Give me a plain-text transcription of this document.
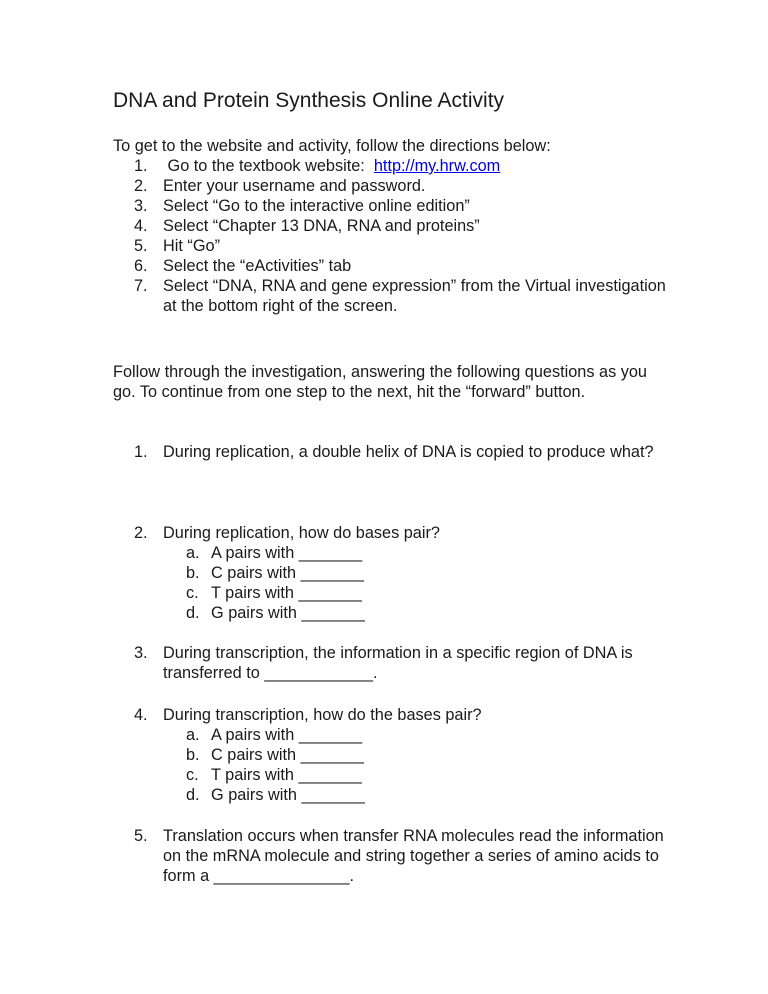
DNA and Protein Synthesis Online Activity
To get to the website and activity, follow the directions below:
1. Go to the textbook website:  http://my.hrw.com
2. Enter your username and password.
3. Select “Go to the interactive online edition”
4. Select “Chapter 13 DNA, RNA and proteins”
5. Hit “Go”
6. Select the “eActivities” tab
7. Select “DNA, RNA and gene expression” from the Virtual investigation at the bottom right of the screen.
Follow through the investigation, answering the following questions as you go. To continue from one step to the next, hit the “forward” button.
1. During replication, a double helix of DNA is copied to produce what?
2. During replication, how do bases pair?
a. A pairs with _______
b. C pairs with _______
c. T pairs with _______
d. G pairs with _______
3. During transcription, the information in a specific region of DNA is transferred to ____________.
4. During transcription, how do the bases pair?
a. A pairs with _______
b. C pairs with _______
c. T pairs with _______
d. G pairs with _______
5. Translation occurs when transfer RNA molecules read the information on the mRNA molecule and string together a series of amino acids to form a _______________.
